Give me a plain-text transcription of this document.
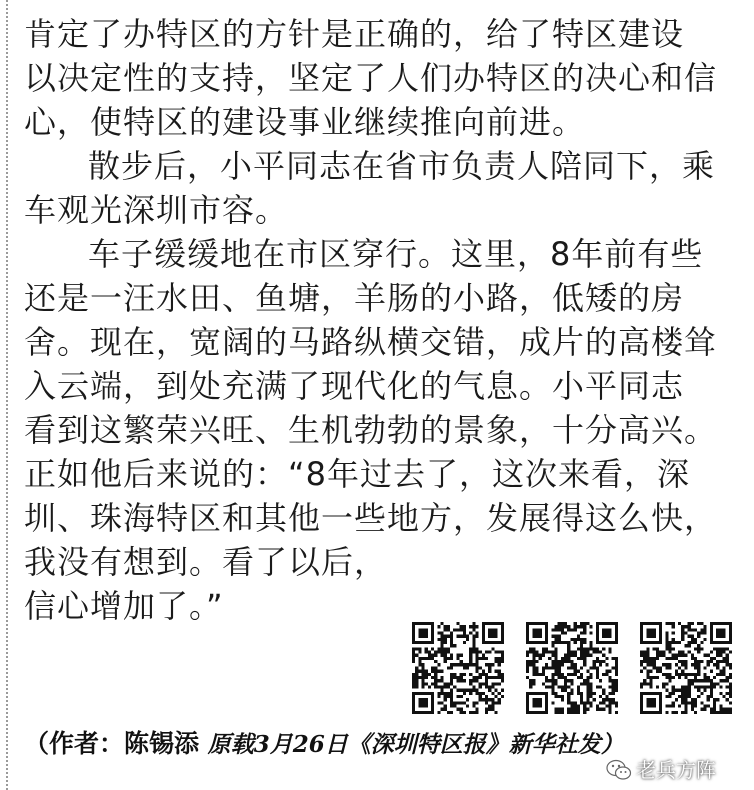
肯定了办特区的方针是正确的，给了特区建设
以决定性的支持，坚定了人们办特区的决心和信
心，使特区的建设事业继续推向前进。
散步后，小平同志在省市负责人陪同下，乘
车观光深圳市容。
车子缓缓地在市区穿行。这里，8年前有些
还是一汪水田、鱼塘，羊肠的小路，低矮的房
舍。现在，宽阔的马路纵横交错，成片的高楼耸
入云端，到处充满了现代化的气息。小平同志
看到这繁荣兴旺、生机勃勃的景象，十分高兴。
正如他后来说的：“8年过去了，这次来看，深
圳、珠海特区和其他一些地方，发展得这么快，
我没有想到。看了以后，
信心增加了。”
（作者：陈锡添 原载3月26日《深圳特区报》新华社发）
老兵方阵
